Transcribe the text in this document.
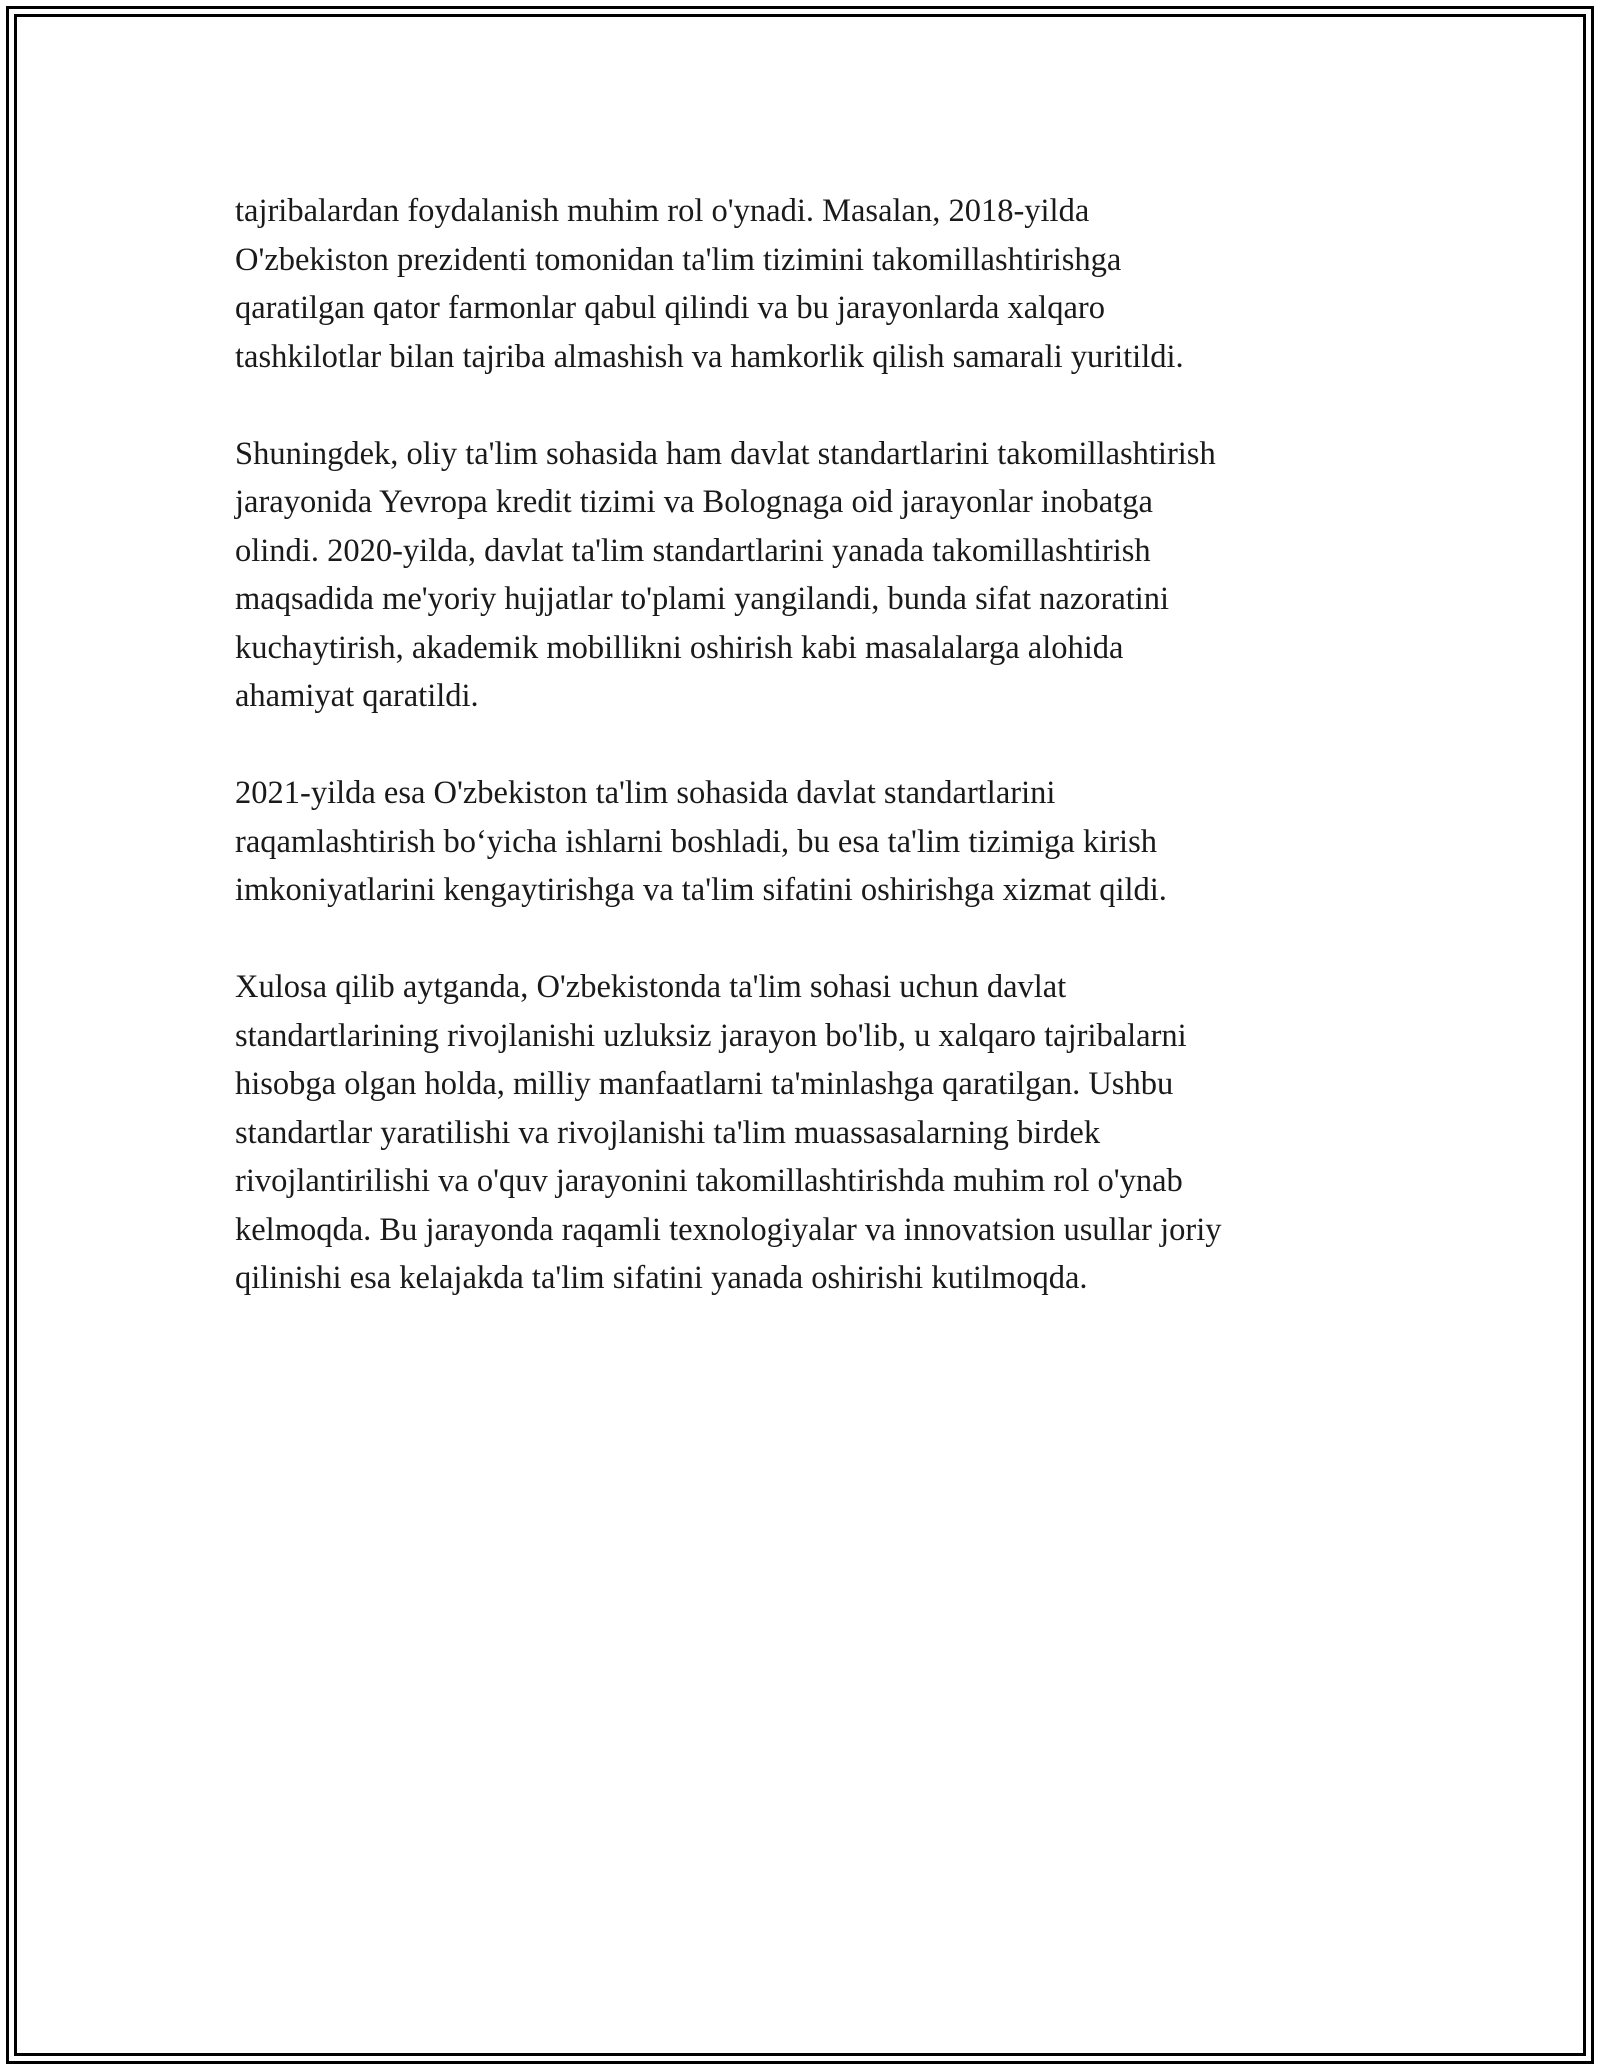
tajribalardan foydalanish muhim rol o'ynadi. Masalan, 2018-yilda
O'zbekiston prezidenti tomonidan ta'lim tizimini takomillashtirishga
qaratilgan qator farmonlar qabul qilindi va bu jarayonlarda xalqaro
tashkilotlar bilan tajriba almashish va hamkorlik qilish samarali yuritildi.

Shuningdek, oliy ta'lim sohasida ham davlat standartlarini takomillashtirish
jarayonida Yevropa kredit tizimi va Bolognaga oid jarayonlar inobatga
olindi. 2020-yilda, davlat ta'lim standartlarini yanada takomillashtirish
maqsadida me'yoriy hujjatlar to'plami yangilandi, bunda sifat nazoratini
kuchaytirish, akademik mobillikni oshirish kabi masalalarga alohida
ahamiyat qaratildi.

2021-yilda esa O'zbekiston ta'lim sohasida davlat standartlarini
raqamlashtirish bo‘yicha ishlarni boshladi, bu esa ta'lim tizimiga kirish
imkoniyatlarini kengaytirishga va ta'lim sifatini oshirishga xizmat qildi.

Xulosa qilib aytganda, O'zbekistonda ta'lim sohasi uchun davlat
standartlarining rivojlanishi uzluksiz jarayon bo'lib, u xalqaro tajribalarni
hisobga olgan holda, milliy manfaatlarni ta'minlashga qaratilgan. Ushbu
standartlar yaratilishi va rivojlanishi ta'lim muassasalarning birdek
rivojlantirilishi va o'quv jarayonini takomillashtirishda muhim rol o'ynab
kelmoqda. Bu jarayonda raqamli texnologiyalar va innovatsion usullar joriy
qilinishi esa kelajakda ta'lim sifatini yanada oshirishi kutilmoqda.
